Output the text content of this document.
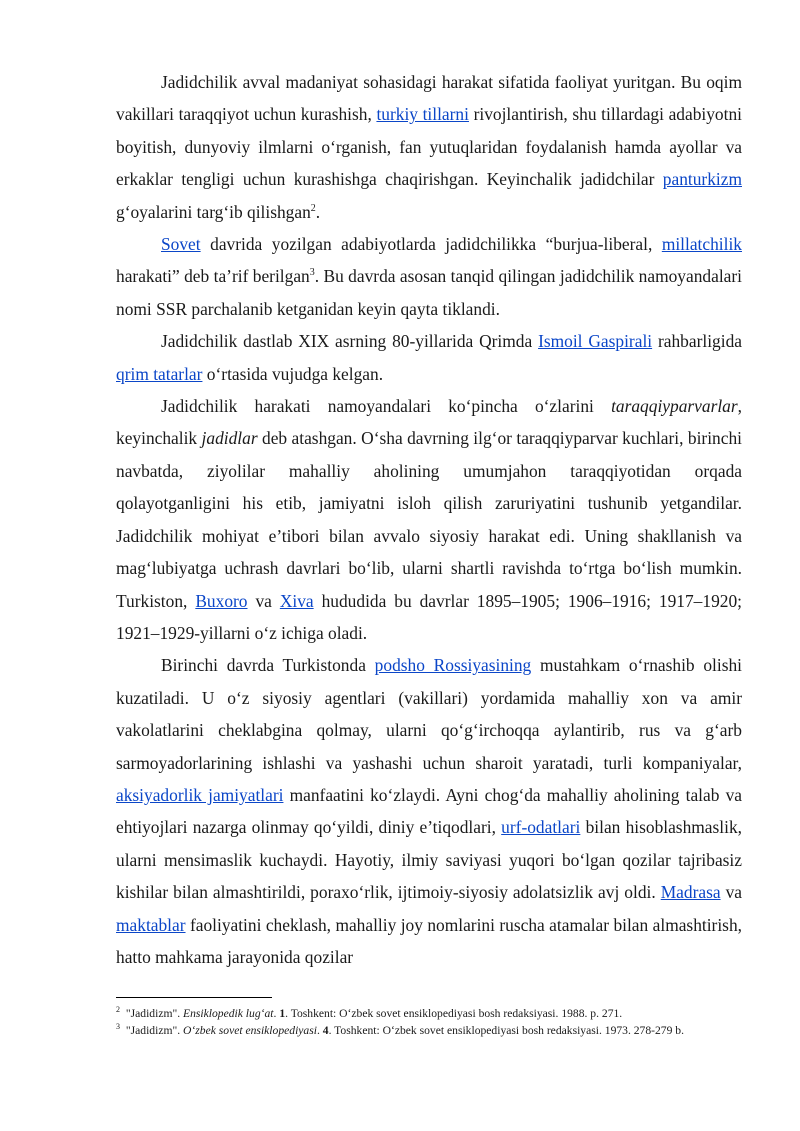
Jadidchilik avval madaniyat sohasidagi harakat sifatida faoliyat yuritgan. Bu oqim vakillari taraqqiyot uchun kurashish, turkiy tillarni rivojlantirish, shu tillardagi adabiyotni boyitish, dunyoviy ilmlarni o‘rganish, fan yutuqlaridan foydalanish hamda ayollar va erkaklar tengligi uchun kurashishga chaqirishgan. Keyinchalik jadidchilar panturkizm g‘oyalarini targ‘ib qilishgan$^2$.

Sovet davrida yozilgan adabiyotlarda jadidchilikka “burjua-liberal, millatchilik harakati” deb ta’rif berilgan$^3$. Bu davrda asosan tanqid qilingan jadidchilik namoyandalari nomi SSR parchalanib ketganidan keyin qayta tiklandi.

Jadidchilik dastlab XIX asrning 80-yillarida Qrimda Ismoil Gaspirali rahbarligida qrim tatarlar o‘rtasida vujudga kelgan.

Jadidchilik harakati namoyandalari ko‘pincha o‘zlarini taraqqiyparvarlar, keyinchalik jadidlar deb atashgan. O‘sha davrning ilg‘or taraqqiyparvar kuchlari, birinchi navbatda, ziyolilar mahalliy aholining umumjahon taraqqiyotidan orqada qolayotganligini his etib, jamiyatni isloh qilish zaruriyatini tushunib yetgandilar. Jadidchilik mohiyat e’tibori bilan avvalo siyosiy harakat edi. Uning shakllanish va mag‘lubiyatga uchrash davrlari bo‘lib, ularni shartli ravishda to‘rtga bo‘lish mumkin. Turkiston, Buxoro va Xiva hududida bu davrlar 1895–1905; 1906–1916; 1917–1920; 1921–1929-yillarni o‘z ichiga oladi.

Birinchi davrda Turkistonda podsho Rossiyasining mustahkam o‘rnashib olishi kuzatiladi. U o‘z siyosiy agentlari (vakillari) yordamida mahalliy xon va amir vakolatlarini cheklabgina qolmay, ularni qo‘g‘irchoqqa aylantirib, rus va g‘arb sarmoyadorlarining ishlashi va yashashi uchun sharoit yaratadi, turli kompaniyalar, aksiyadorlik jamiyatlari manfaatini ko‘zlaydi. Ayni chog‘da mahalliy aholining talab va ehtiyojlari nazarga olinmay qo‘yildi, diniy e’tiqodlari, urf-odatlari bilan hisoblashmaslik, ularni mensimaslik kuchaydi. Hayotiy, ilmiy saviyasi yuqori bo‘lgan qozilar tajribasiz kishilar bilan almashtirildi, poraxo‘rlik, ijtimoiy-siyosiy adolatsizlik avj oldi. Madrasa va maktablar faoliyatini cheklash, mahalliy joy nomlarini ruscha atamalar bilan almashtirish, hatto mahkama jarayonida qozilar

$^2$ "Jadidizm". Ensiklopedik lug‘at. 1. Toshkent: O‘zbek sovet ensiklopediyasi bosh redaksiyasi. 1988. p. 271.

$^3$ "Jadidizm". O‘zbek sovet ensiklopediyasi. 4. Toshkent: O‘zbek sovet ensiklopediyasi bosh redaksiyasi. 1973. 278-279 b.
